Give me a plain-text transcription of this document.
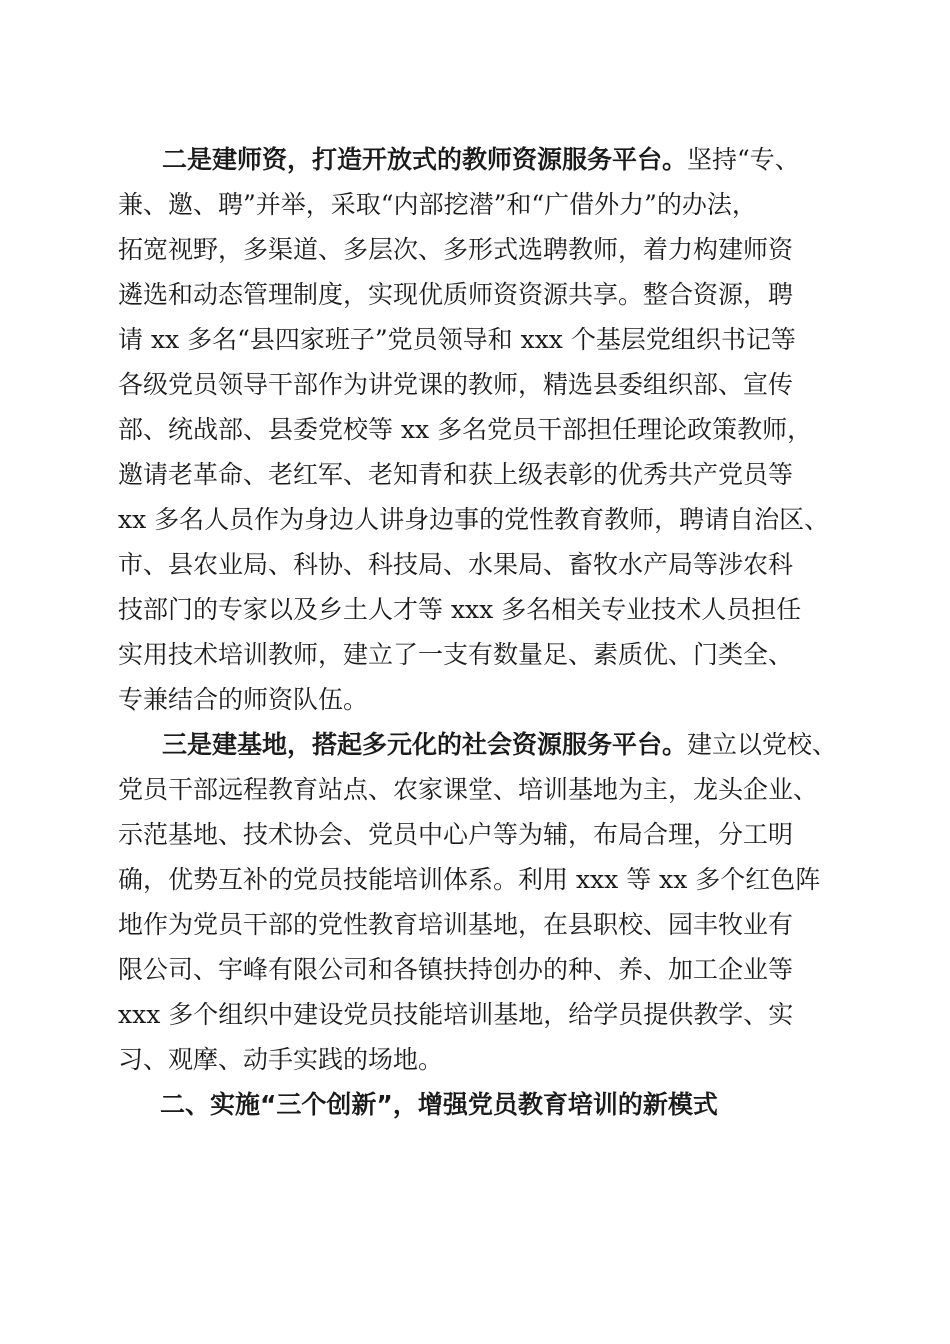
二是建师资，打造开放式的教师资源服务平台。坚持“专、
兼、邀、聘”并举，采取“内部挖潜”和“广借外力”的办法，
拓宽视野，多渠道、多层次、多形式选聘教师，着力构建师资
遴选和动态管理制度，实现优质师资资源共享。整合资源，聘
请 xx 多名“县四家班子”党员领导和 xxx 个基层党组织书记等
各级党员领导干部作为讲党课的教师，精选县委组织部、宣传
部、统战部、县委党校等 xx 多名党员干部担任理论政策教师，
邀请老革命、老红军、老知青和获上级表彰的优秀共产党员等
xx 多名人员作为身边人讲身边事的党性教育教师，聘请自治区、
市、县农业局、科协、科技局、水果局、畜牧水产局等涉农科
技部门的专家以及乡土人才等 xxx 多名相关专业技术人员担任
实用技术培训教师，建立了一支有数量足、素质优、门类全、
专兼结合的师资队伍。
三是建基地，搭起多元化的社会资源服务平台。建立以党校、
党员干部远程教育站点、农家课堂、培训基地为主，龙头企业、
示范基地、技术协会、党员中心户等为辅，布局合理，分工明
确，优势互补的党员技能培训体系。利用 xxx 等 xx 多个红色阵
地作为党员干部的党性教育培训基地，在县职校、园丰牧业有
限公司、宇峰有限公司和各镇扶持创办的种、养、加工企业等
xxx 多个组织中建设党员技能培训基地，给学员提供教学、实
习、观摩、动手实践的场地。
二、实施“三个创新”，增强党员教育培训的新模式
